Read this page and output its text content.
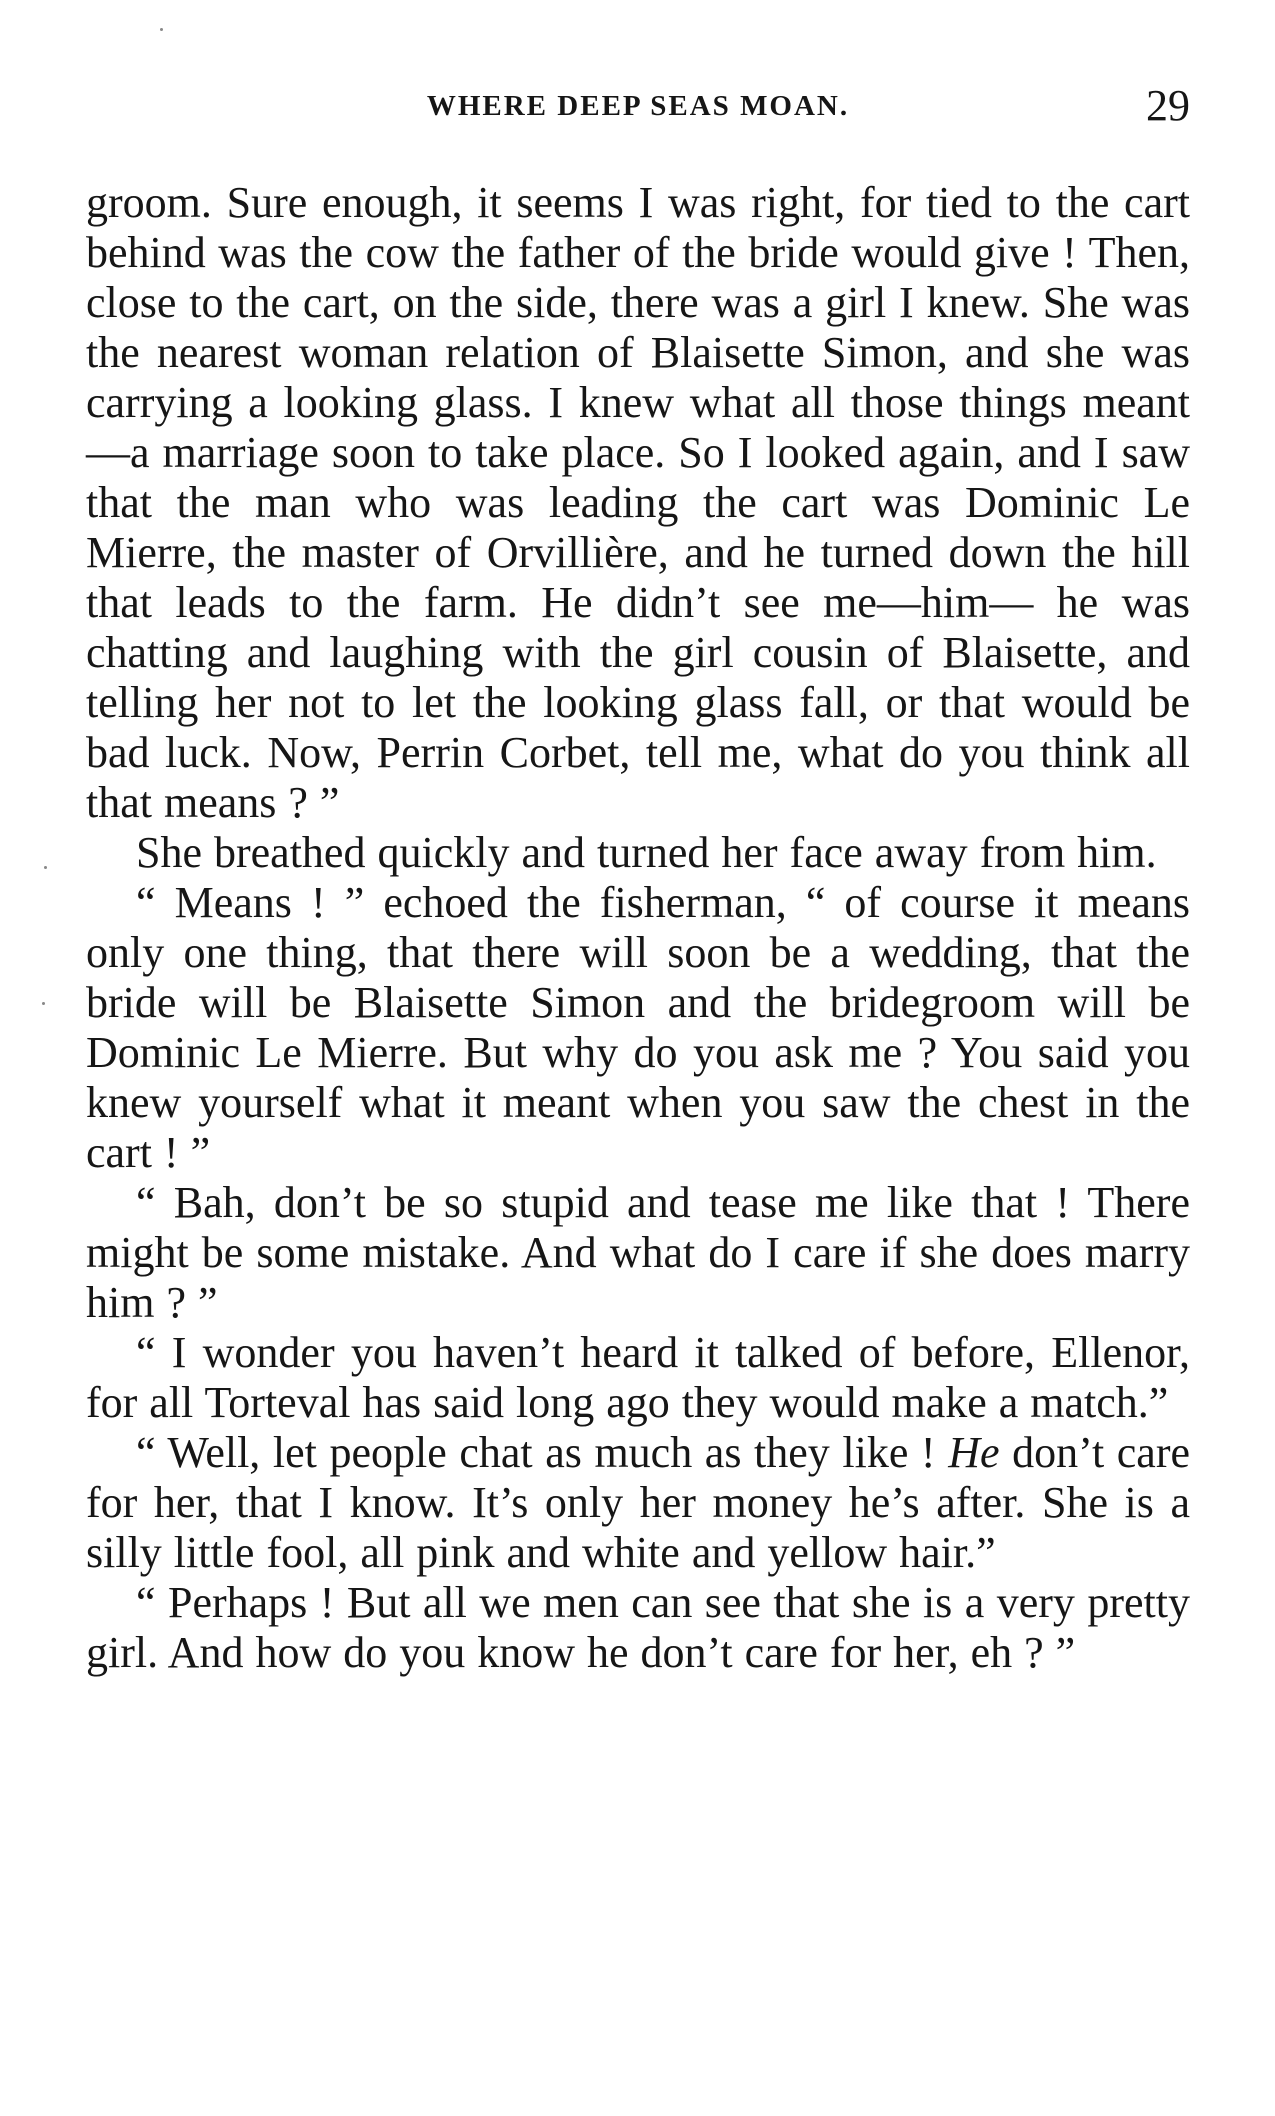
WHERE DEEP SEAS MOAN.	29

groom. Sure enough, it seems I was right, for tied to the cart behind was the cow the father of the bride would give ! Then, close to the cart, on the side, there was a girl I knew. She was the nearest woman relation of Blaisette Simon, and she was carrying a looking glass. I knew what all those things meant—a marriage soon to take place. So I looked again, and I saw that the man who was leading the cart was Dominic Le Mierre, the master of Orvillière, and he turned down the hill that leads to the farm. He didn’t see me—him— he was chatting and laughing with the girl cousin of Blaisette, and telling her not to let the looking glass fall, or that would be bad luck. Now, Perrin Corbet, tell me, what do you think all that means ? ”

She breathed quickly and turned her face away from him.

“ Means ! ” echoed the fisherman, “ of course it means only one thing, that there will soon be a wedding, that the bride will be Blaisette Simon and the bridegroom will be Dominic Le Mierre. But why do you ask me ? You said you knew yourself what it meant when you saw the chest in the cart ! ”

“ Bah, don’t be so stupid and tease me like that ! There might be some mistake. And what do I care if she does marry him ? ”

“ I wonder you haven’t heard it talked of before, Ellenor, for all Torteval has said long ago they would make a match.”

“ Well, let people chat as much as they like ! He don’t care for her, that I know. It’s only her money he’s after. She is a silly little fool, all pink and white and yellow hair.”

“ Perhaps ! But all we men can see that she is a very pretty girl. And how do you know he don’t care for her, eh ? ”
